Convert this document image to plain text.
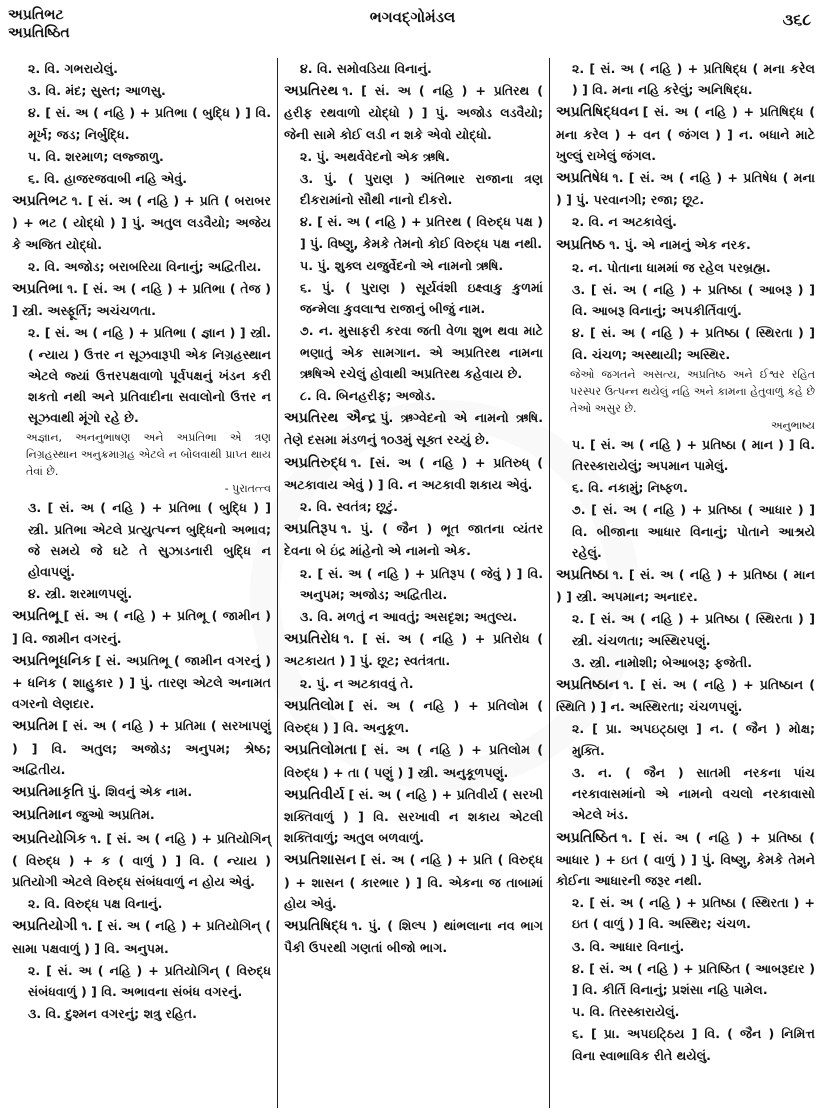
અપ્રતિભટ
અપ્રતિષ્ઠિત
ભગવદ્ગોમંડલ	૩૬૮
૨. વિ. ગભરાયેલું.
૩. વિ. મંદ; સુસ્ત; આળસુ.
૪. [ સં. અ ( નહિ ) + પ્રતિભા ( બુદ્ધિ ) ] વિ. મૂર્ખ; જડ; નિર્બુદ્ધિ.
૫. વિ. શરમાળ; લજ્જાળુ.
૬. વિ. હાજરજવાબી નહિ એવું.
અપ્રતિભટ ૧. [ સં. અ ( નહિ ) + પ્રતિ ( બરાબર ) + ભટ ( યોદ્ધો ) ] પું. અતુલ લડવૈયો; અજેય કે અજિત યોદ્ધો.
૨. વિ. અજોડ; બરાબરિયા વિનાનું; અદ્વિતીય.
અપ્રતિભા ૧. [ સં. અ ( નહિ ) + પ્રતિભા ( તેજ ) ] સ્ત્રી. અસ્ફૂર્તિ; અચંચળતા.
૨. [ સં. અ ( નહિ ) + પ્રતિભા ( જ્ઞાન ) ] સ્ત્રી. ( ન્યાય ) ઉત્તર ન સૂઝવારૂપી એક નિગ્રહસ્થાન એટલે જ્યાં ઉત્તરપક્ષવાળો પૂર્વપક્ષનું ખંડન કરી શકતો નથી અને પ્રતિવાદીના સવાલોનો ઉત્તર ન સૂઝવાથી મૂંગો રહે છે.
અજ્ઞાન, અનનુભાષણ અને અપ્રતિભા એ ત્રણ નિગ્રહસ્થાન અનુક્રમાગ્રહ એટલે ન બોલવાથી પ્રાપ્ત થાય તેવાં છે.
- પુરાતત્ત્વ
૩. [ સં. અ ( નહિ ) + પ્રતિભા ( બુદ્ધિ ) ] સ્ત્રી. પ્રતિભા એટલે પ્રત્યુત્પન્ન બુદ્ધિનો અભાવ; જે સમયે જે ઘટે તે સુઝાડનારી બુદ્ધિ ન હોવાપણું.
૪. સ્ત્રી. શરમાળપણું.
અપ્રતિભૂ [ સં. અ ( નહિ ) + પ્રતિભૂ ( જામીન ) ] વિ. જામીન વગરનું.
અપ્રતિભૂધનિક [ સં. અપ્રતિભૂ ( જામીન વગરનું ) + ધનિક ( શાહુકાર ) ] પું. તારણ એટલે અનામત વગરનો લેણદાર.
અપ્રતિમ [ સં. અ ( નહિ ) + પ્રતિમા ( સરખાપણું ) ] વિ. અતુલ; અજોડ; અનુપમ; શ્રેષ્ઠ; અદ્વિતીય.
અપ્રતિમાકૃતિ પું. શિવનું એક નામ.
અપ્રતિમાન જુઓ અપ્રતિમ.
અપ્રતિયોગિક ૧. [ સં. અ ( નહિ ) + પ્રતિયોગિન્ ( વિરુદ્ધ ) + ક ( વાળું ) ] વિ. ( ન્યાય ) પ્રતિયોગી એટલે વિરુદ્ધ સંબંધવાળું ન હોય એવું.
૨. વિ. વિરુદ્ધ પક્ષ વિનાનું.
અપ્રતિયોગી ૧. [ સં. અ ( નહિ ) + પ્રતિયોગિન્ ( સામા પક્ષવાળું ) ] વિ. અનુપમ.
૨. [ સં. અ ( નહિ ) + પ્રતિયોગિન્ ( વિરુદ્ધ સંબંધવાળું ) ] વિ. અભાવના સંબંધ વગરનું.
૩. વિ. દુશ્મન વગરનું; શત્રુ રહિત.
૪. વિ. સમોવડિયા વિનાનું.
અપ્રતિરથ ૧. [ સં. અ ( નહિ ) + પ્રતિરથ ( હરીફ રથવાળો યોદ્ધો ) ] પું. અજોડ લડવૈયો; જેની સામે કોઈ લડી ન શકે એવો યોદ્ધો.
૨. પું. અથર્વવેદનો એક ઋષિ.
૩. પું. ( પુરાણ ) અંતિભાર રાજાના ત્રણ દીકરામાંનો સૌથી નાનો દીકરો.
૪. [ સં. અ ( નહિ ) + પ્રતિરથ ( વિરુદ્ધ પક્ષ ) ] પું. વિષ્ણુ, કેમકે તેમનો કોઈ વિરુદ્ધ પક્ષ નથી.
૫. પું. શુક્લ યજુર્વેદનો એ નામનો ઋષિ.
૬. પું. ( પુરાણ ) સૂર્યવંશી ઇક્ષ્વાકુ કુળમાં જન્મેલા કુવલાશ્વ રાજાનું બીજું નામ.
૭. ન. મુસાફરી કરવા જતી વેળા શુભ થવા માટે ભણાતું એક સામગાન. એ અપ્રતિરથ નામના ઋષિએ રચેલું હોવાથી અપ્રતિરથ કહેવાય છે.
૮. વિ. બિનહરીફ; અજોડ.
અપ્રતિરથ ઐન્દ્ર પું. ઋગ્વેદનો એ નામનો ઋષિ. તેણે દસમા મંડળનું ૧૦૩મું સૂક્ત રચ્યું છે.
અપ્રતિરુદ્ધ ૧. [સં. અ ( નહિ ) + પ્રતિરુધ્ ( અટકાવાય એવું ) ] વિ. ન અટકાવી શકાય એવું.
૨. વિ. સ્વતંત્ર; છૂટું.
અપ્રતિરૂપ ૧. પું. ( જૈન ) ભૂત જાતના વ્યંતર દેવના બે ઇંદ્ર માંહેનો એ નામનો એક.
૨. [ સં. અ ( નહિ ) + પ્રતિરૂપ ( જેવું ) ] વિ. અનુપમ; અજોડ; અદ્વિતીય.
૩. વિ. મળતું ન આવતું; અસદૃશ; અતુલ્ય.
અપ્રતિરોધ ૧. [ સં. અ ( નહિ ) + પ્રતિરોધ ( અટકાયત ) ] પું. છૂટ; સ્વતંત્રતા.
૨. પું. ન અટકાવવું તે.
અપ્રતિલોમ [ સં. અ ( નહિ ) + પ્રતિલોમ ( વિરુદ્ધ ) ] વિ. અનુકૂળ.
અપ્રતિલોમતા [ સં. અ ( નહિ ) + પ્રતિલોમ ( વિરુદ્ધ ) + તા ( પણું ) ] સ્ત્રી. અનુકૂળપણું.
અપ્રતિવીર્ય [ સં. અ ( નહિ ) + પ્રતિવીર્ય ( સરખી શક્તિવાળું ) ] વિ. સરખાવી ન શકાય એટલી શક્તિવાળું; અતુલ બળવાળું.
અપ્રતિશાસન [ સં. અ ( નહિ ) + પ્રતિ ( વિરુદ્ધ ) + શાસન ( કારભાર ) ] વિ. એકના જ તાબામાં હોય એવું.
અપ્રતિષિદ્ધ ૧. પું. ( શિલ્પ ) થાંભલાના નવ ભાગ પૈકી ઉપરથી ગણતાં બીજો ભાગ.
૨. [ સં. અ ( નહિ ) + પ્રતિષિદ્ધ ( મના કરેલ ) ] વિ. મના નહિ કરેલું; અનિષિદ્ધ.
અપ્રતિષિદ્ધવન [ સં. અ ( નહિ ) + પ્રતિષિદ્ધ ( મના કરેલ ) + વન ( જંગલ ) ] ન. બધાને માટે ખુલ્લું રાખેલું જંગલ.
અપ્રતિષેધ ૧. [ સં. અ ( નહિ ) + પ્રતિષેધ ( મના ) ] પું. પરવાનગી; રજા; છૂટ.
૨. વિ. ન અટકાવેલું.
અપ્રતિષ્ઠ ૧. પું. એ નામનું એક નરક.
૨. ન. પોતાના ધામમાં જ રહેલ પરબ્રહ્મ.
૩. [ સં. અ ( નહિ ) + પ્રતિષ્ઠા ( આબરૂ ) ] વિ. આબરૂ વિનાનું; અપકીર્તિવાળું.
૪. [ સં. અ ( નહિ ) + પ્રતિષ્ઠા ( સ્થિરતા ) ] વિ. ચંચળ; અસ્થાયી; અસ્થિર.
જેઓ જગતને અસત્ય, અપ્રતિષ્ઠ અને ઈશ્વર રહિત પરસ્પર ઉત્પન્ન થયેલું નહિ અને કામના હેતુવાળું કહે છે તેઓ અસુર છે.
અનુભાષ્ય
૫. [ સં. અ ( નહિ ) + પ્રતિષ્ઠા ( માન ) ] વિ. તિરસ્કારાયેલું; અપમાન પામેલું.
૬. વિ. નકામું; નિષ્ફળ.
૭. [ સં. અ ( નહિ ) + પ્રતિષ્ઠા ( આધાર ) ] વિ. બીજાના આધાર વિનાનું; પોતાને આશ્રયે રહેલું.
અપ્રતિષ્ઠા ૧. [ સં. અ ( નહિ ) + પ્રતિષ્ઠા ( માન ) ] સ્ત્રી. અપમાન; અનાદર.
૨. [ સં. અ ( નહિ ) + પ્રતિષ્ઠા ( સ્થિરતા ) ] સ્ત્રી. ચંચળતા; અસ્થિરપણું.
૩. સ્ત્રી. નામોશી; બેઆબરૂ; ફજેતી.
અપ્રતિષ્ઠાન ૧. [ સં. અ ( નહિ ) + પ્રતિષ્ઠાન ( સ્થિતિ ) ] ન. અસ્થિરતા; ચંચળપણું.
૨. [ પ્રા. અપઇટ્ઠાણ ] ન. ( જૈન ) મોક્ષ; મુક્તિ.
૩. ન. ( જૈન ) સાતમી નરકના પાંચ નરકાવાસમાંનો એ નામનો વચલો નરકાવાસો એટલે ખંડ.
અપ્રતિષ્ઠિત ૧. [ સં. અ ( નહિ ) + પ્રતિષ્ઠા ( આધાર ) + ઇત ( વાળું ) ] પું. વિષ્ણુ, કેમકે તેમને કોઈના આધારની જરૂર નથી.
૨. [ સં. અ ( નહિ ) + પ્રતિષ્ઠા ( સ્થિરતા ) + ઇત ( વાળું ) ] વિ. અસ્થિર; ચંચળ.
૩. વિ. આધાર વિનાનું.
૪. [ સં. અ ( નહિ ) + પ્રતિષ્ઠિત ( આબરૂદાર ) ] વિ. કીર્તિ વિનાનું; પ્રશંસા નહિ પામેલ.
૫. વિ. તિરસ્કારાયેલું.
૬. [ પ્રા. અપઇટ્ઠિય ] વિ. ( જૈન ) નિમિત્ત વિના સ્વાભાવિક રીતે થયેલું.
